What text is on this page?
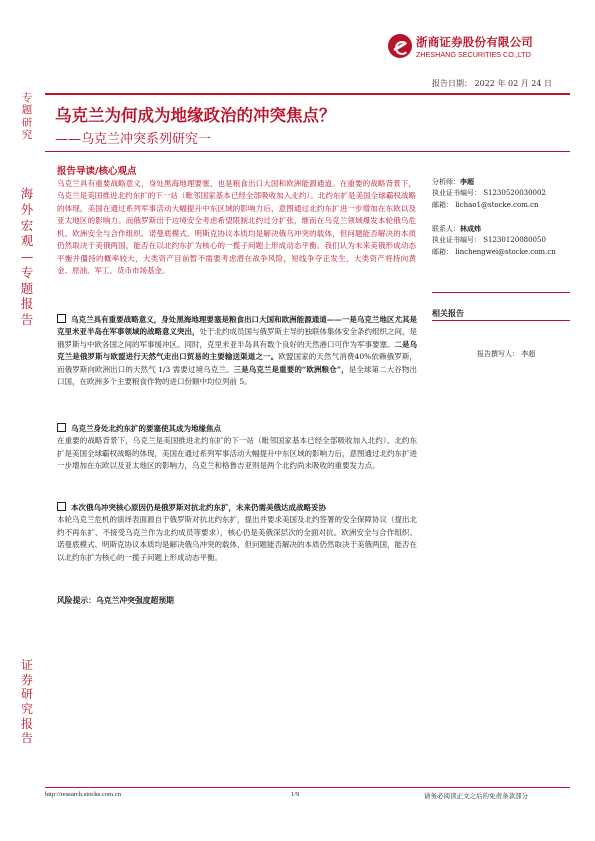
浙商证券股份有限公司
ZHESHANG SECURITIES CO.,LTD
报告日期： 2022 年 02 月 24 日
专题研究
海外宏观—专题报告
证券研究报告
乌克兰为何成为地缘政治的冲突焦点？
——乌克兰冲突系列研究一
报告导读/核心观点
乌克兰具有重要战略意义，身处黑海地理要塞，也是粮食出口大国和欧洲能源通道。在重要的战略背景下，乌克兰是美国推进北约东扩的下一站（毗邻国家基本已经全部吸收加入北约）。北约东扩是美国全球霸权战略的体现，美国在通过系列军事活动大幅提升中东区域的影响力后，意图通过北约东扩进一步增加在东欧以及亚太地区的影响力。而俄罗斯出于边境安全考虑希望限制北约过分扩张，继而在乌克兰领域爆发本轮俄乌危机。欧洲安全与合作组织、诺曼底模式、明斯克协议本质均是解决俄乌冲突的载体，但问题能否解决的本质仍然取决于美俄两国，能否在以北约东扩为核心的一揽子问题上形成动态平衡。我们认为未来美俄形成动态平衡并僵持的概率较大，大类资产目前暂不需要考虑潜在战争风险，短线争夺正发生，大类资产将持向黄金、原油、军工、货币市场基金。
乌克兰具有重要战略意义，身处黑海地理要塞是粮食出口大国和欧洲能源通道——一是乌克兰地区尤其是克里米亚半岛在军事领域的战略意义突出，处于北约成员国与俄罗斯主导的独联体集体安全条约组织之间，是俄罗斯与中欧各国之间的军事缓冲区。同时，克里米亚半岛具有数个良好的天然港口可作为军事要塞。二是乌克兰是俄罗斯与欧盟进行天然气走出口贸易的主要输送渠道之一。欧盟国家的天然气消费40%依赖俄罗斯，而俄罗斯向欧洲出口的天然气 1/3 需要过境乌克兰。三是乌克兰是重要的“欧洲粮仓”，是全球第二大谷物出口国，在欧洲多个主要粮食作物的进口份额中均位列前 5。
乌克兰身处北约东扩的要塞使其成为地缘焦点
在重要的战略背景下，乌克兰是美国推进北约东扩的下一站（毗邻国家基本已经全部吸收加入北约）。北约东扩是美国全球霸权战略的体现，美国在通过系列军事活动大幅提升中东区域的影响力后，意图通过北约东扩进一步增加在东欧以及亚太地区的影响力，乌克兰和格鲁吉亚则是两个北约尚未吸收的重要发力点。
本次俄乌冲突核心原因仍是俄罗斯对抗北约东扩，未来仍需美俄达成战略妥协
本轮乌克兰危机的演绎表面源自于俄罗斯对抗北约东扩，提出并要求美国及北约签署的安全保障协议（提出北约不再东扩、不接受乌克兰作为北约成员等要求），核心仍是美俄深层次的全面对抗。欧洲安全与合作组织、诺曼底模式、明斯克协议本质均是解决俄乌冲突的载体，但问题能否解决的本质仍然取决于美俄两国，能否在以北约东扩为核心的一揽子问题上形成动态平衡。
风险提示：乌克兰冲突强度超预期
分析师：李超
执业证书编号： S1230520030002
邮箱： lichao1@stocke.com.cn
联系人：林成炜
执业证书编号： S1230120080050
邮箱： linchengwei@stocke.com.cn
相关报告
报告撰写人： 李超
http://research.stocke.com.cn	1/9	请务必阅读正文之后的免责条款部分
